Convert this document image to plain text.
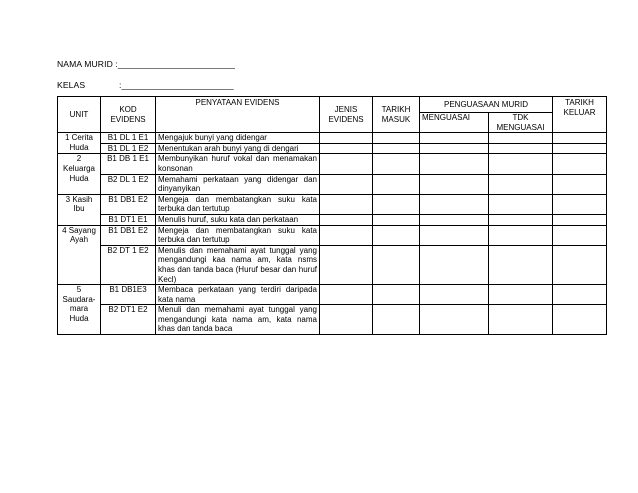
NAMA MURID :________________________
KELAS	:_______________________
UNIT	KOD EVIDENS	PENYATAAN EVIDENS	JENIS EVIDENS	TARIKH MASUK	PENGUASAAN MURID		TARIKH KELUAR
					MENGUASAI	TDK MENGUASAI	
1 Cerita Huda	B1 DL 1 E1	Mengajuk bunyi yang didengar					
	B1 DL 1 E2	Menentukan arah bunyi yang di dengari					
2 Keluarga Huda	B1 DB 1 E1	Membunyikan huruf vokal dan menamakan konsonan					
	B2 DL 1 E2	Memahami perkataan yang didengar dan dinyanyikan					
3 Kasih Ibu	B1 DB1 E2	Mengeja dan membatangkan suku kata terbuka dan tertutup					
	B1 DT1 E1	Menulis huruf, suku kata dan perkataan					
4 Sayang Ayah	B1 DB1 E2	Mengeja dan membatangkan suku kata terbuka dan tertutup					
	B2 DT 1 E2	Menulis dan memahami ayat tunggal yang mengandungi kaa nama am, kata nsms khas dan tanda baca (Huruf besar dan huruf Kecl)					
5 Saudara-mara Huda	B1 DB1E3	Membaca perkataan yang terdiri daripada kata nama					
	B2 DT1 E2	Menuli dan memahami ayat tunggal yang mengandungi kata nama am, kata nama khas dan tanda baca					
